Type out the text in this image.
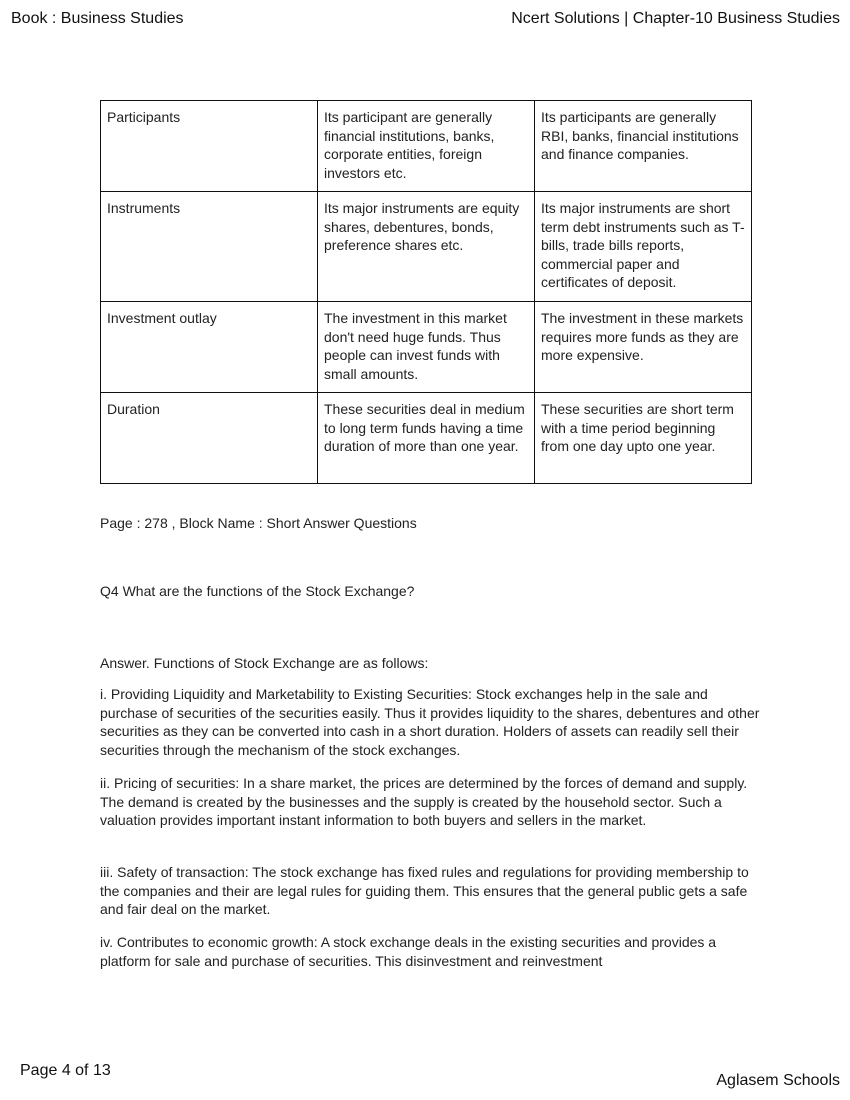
Book : Business Studies	Ncert Solutions | Chapter-10 Business Studies
Participants	Its participant are generally financial institutions, banks, corporate entities, foreign investors etc.	Its participants are generally RBI, banks, financial institutions and finance companies.
Instruments	Its major instruments are equity shares, debentures, bonds, preference shares etc.	Its major instruments are short term debt instruments such as T-bills, trade bills reports, commercial paper and certificates of deposit.
Investment outlay	The investment in this market don't need huge funds. Thus people can invest funds with small amounts.	The investment in these markets requires more funds as they are more expensive.
Duration	These securities deal in medium to long term funds having a time duration of more than one year.	These securities are short term with a time period beginning from one day upto one year.
Page : 278 , Block Name : Short Answer Questions
Q4 What are the functions of the Stock Exchange?
Answer. Functions of Stock Exchange are as follows:
i. Providing Liquidity and Marketability to Existing Securities: Stock exchanges help in the sale and purchase of securities of the securities easily. Thus it provides liquidity to the shares, debentures and other securities as they can be converted into cash in a short duration. Holders of assets can readily sell their securities through the mechanism of the stock exchanges.
ii. Pricing of securities: In a share market, the prices are determined by the forces of demand and supply. The demand is created by the businesses and the supply is created by the household sector. Such a valuation provides important instant information to both buyers and sellers in the market.
iii. Safety of transaction: The stock exchange has fixed rules and regulations for providing membership to the companies and their are legal rules for guiding them. This ensures that the general public gets a safe and fair deal on the market.
iv. Contributes to economic growth: A stock exchange deals in the existing securities and provides a platform for sale and purchase of securities. This disinvestment and reinvestment
Page 4 of 13
Aglasem Schools
